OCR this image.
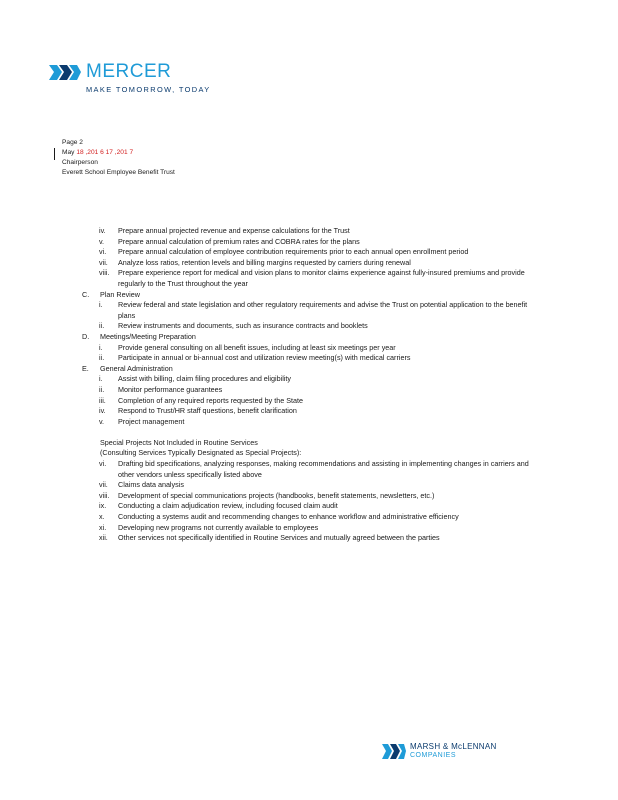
MERCER
MAKE TOMORROW, TODAY
Page 2
May 18 ,201 6 17 ,201 7
Chairperson
Everett School Employee Benefit Trust
iv. Prepare annual projected revenue and expense calculations for the Trust
v. Prepare annual calculation of premium rates and COBRA rates for the plans
vi. Prepare annual calculation of employee contribution requirements prior to each annual open enrollment period
vii. Analyze loss ratios, retention levels and billing margins requested by carriers during renewal
viii. Prepare experience report for medical and vision plans to monitor claims experience against fully-insured premiums and provide regularly to the Trust throughout the year
C. Plan Review
i. Review federal and state legislation and other regulatory requirements and advise the Trust on potential application to the benefit plans
ii. Review instruments and documents, such as insurance contracts and booklets
D. Meetings/Meeting Preparation
i. Provide general consulting on all benefit issues, including at least six meetings per year
ii. Participate in annual or bi-annual cost and utilization review meeting(s) with medical carriers
E. General Administration
i. Assist with billing, claim filing procedures and eligibility
ii. Monitor performance guarantees
iii. Completion of any required reports requested by the State
iv. Respond to Trust/HR staff questions, benefit clarification
v. Project management
Special Projects Not Included in Routine Services
(Consulting Services Typically Designated as Special Projects):
vi. Drafting bid specifications, analyzing responses, making recommendations and assisting in implementing changes in carriers and other vendors unless specifically listed above
vii. Claims data analysis
viii. Development of special communications projects (handbooks, benefit statements, newsletters, etc.)
ix. Conducting a claim adjudication review, including focused claim audit
x. Conducting a systems audit and recommending changes to enhance workflow and administrative efficiency
xi. Developing new programs not currently available to employees
xii. Other services not specifically identified in Routine Services and mutually agreed between the parties
MARSH & McLENNAN
COMPANIES
